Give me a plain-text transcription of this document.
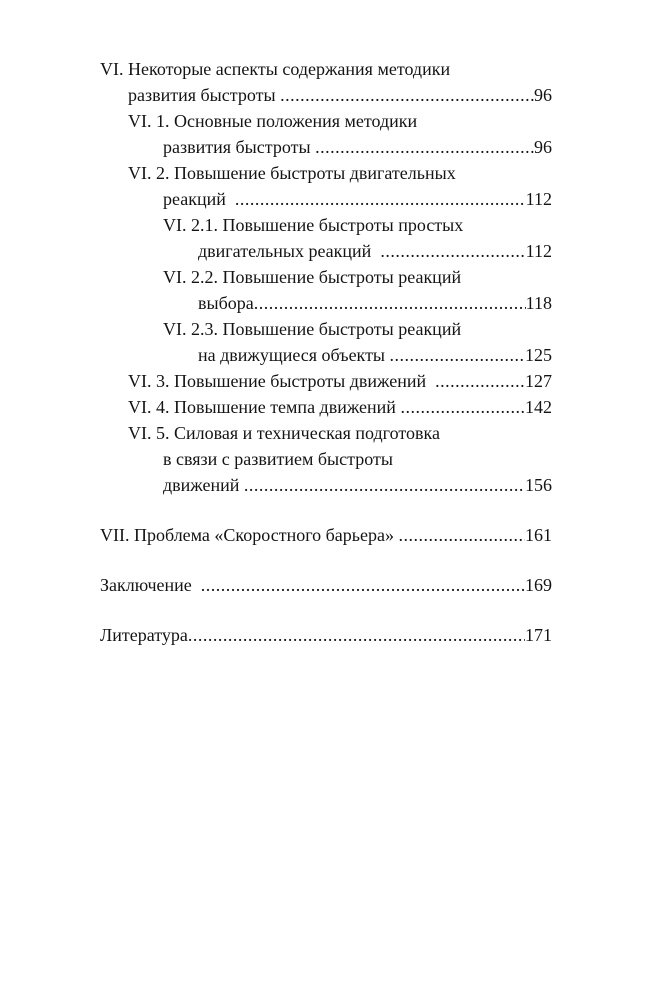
VI. Некоторые аспекты содержания методики
развития быстроты .....	96
VI. 1. Основные положения методики
развития быстроты .....	96
VI. 2. Повышение быстроты двигательных
реакций .....	112
VI. 2.1. Повышение быстроты простых
двигательных реакций .....	112
VI. 2.2. Повышение быстроты реакций
выбора .....	118
VI. 2.3. Повышение быстроты реакций
на движущиеся объекты .....	125
VI. 3. Повышение быстроты движений .....	127
VI. 4. Повышение темпа движений .....	142
VI. 5. Силовая и техническая подготовка
в связи с развитием быстроты
движений .....	156
VII. Проблема «Скоростного барьера» .....	161
Заключение .....	169
Литература .....	171
